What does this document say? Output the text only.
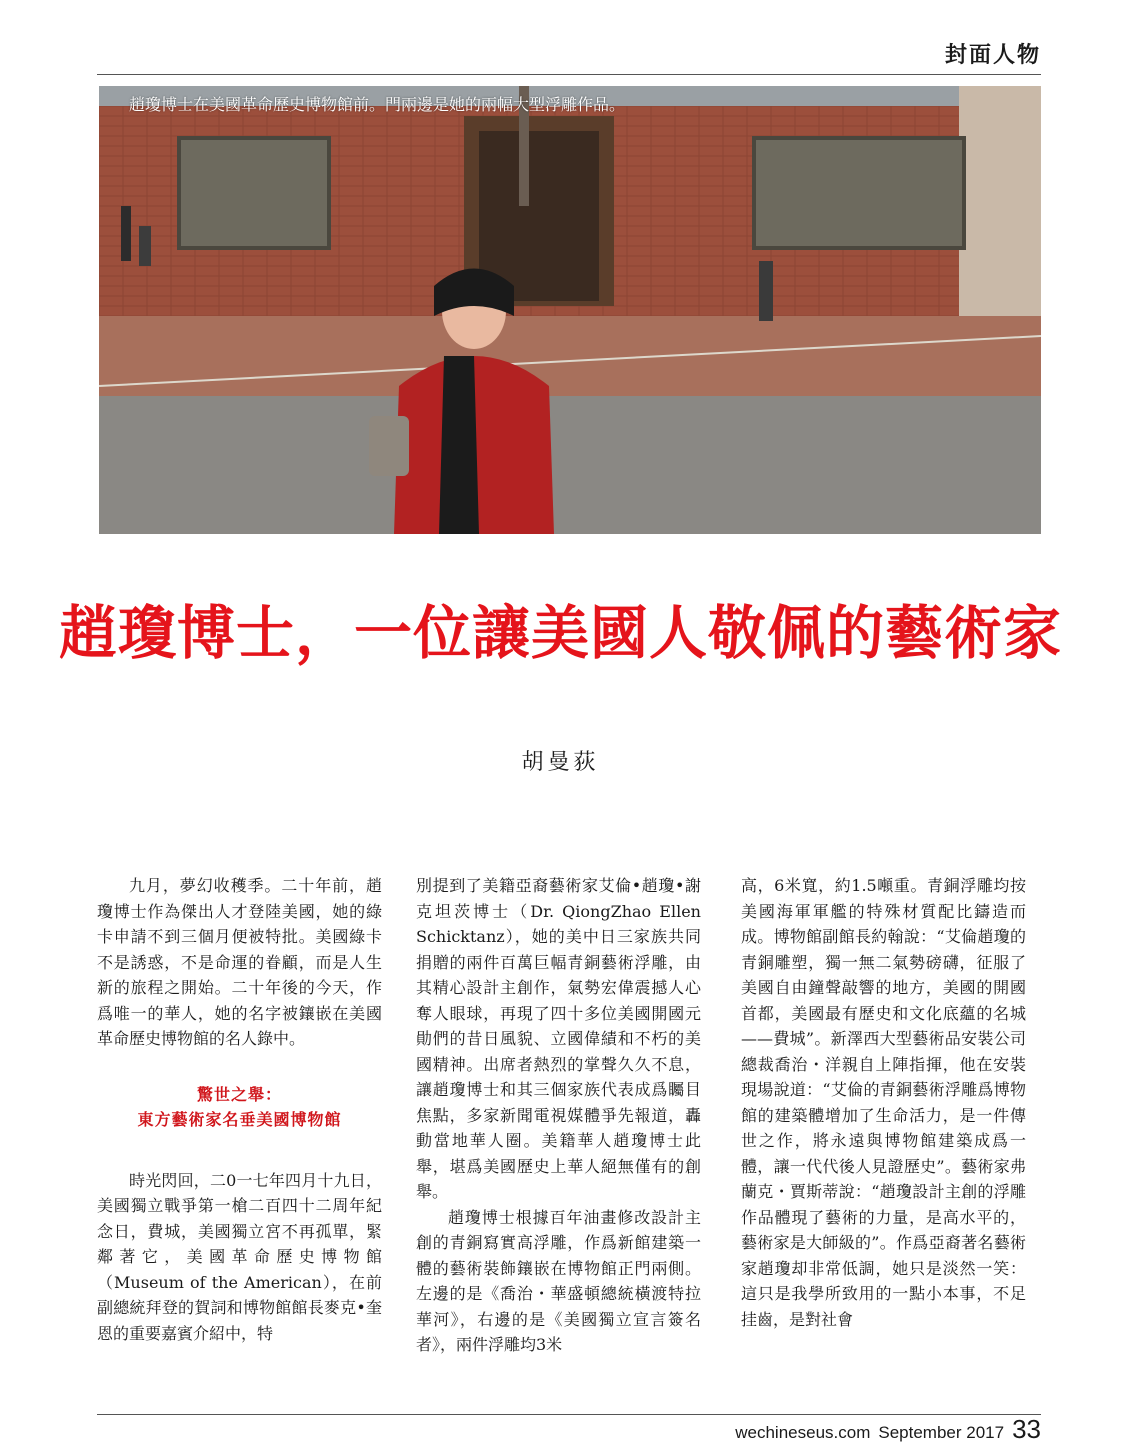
封面人物
趙瓊博士在美國革命歷史博物館前。門兩邊是她的兩幅大型浮雕作品。
趙瓊博士，一位讓美國人敬佩的藝術家
胡曼荻

九月，夢幻收穫季。二十年前，趙瓊博士作為傑出人才登陸美國，她的綠卡申請不到三個月便被特批。美國綠卡不是誘惑，不是命運的眷顧，而是人生新的旅程之開始。二十年後的今天，作爲唯一的華人，她的名字被鑲嵌在美國革命歷史博物館的名人錄中。

驚世之舉：
東方藝術家名垂美國博物館

時光閃回，二0一七年四月十九日，美國獨立戰爭第一槍二百四十二周年紀念日，費城，美國獨立宮不再孤單，緊鄰著它，美國革命歷史博物館（Museum of the American），在前副總統拜登的賀詞和博物館館長麥克•奎恩的重要嘉賓介紹中，特

別提到了美籍亞裔藝術家艾倫•趙瓊•謝克坦茨博士（Dr. QiongZhao Ellen Schicktanz），她的美中日三家族共同捐贈的兩件百萬巨幅青銅藝術浮雕，由其精心設計主創作，氣勢宏偉震撼人心奪人眼球，再現了四十多位美國開國元勛們的昔日風貌、立國偉績和不朽的美國精神。出席者熱烈的掌聲久久不息，讓趙瓊博士和其三個家族代表成爲矚目焦點，多家新聞電視媒體爭先報道，轟動當地華人圈。美籍華人趙瓊博士此舉，堪爲美國歷史上華人絕無僅有的創舉。

趙瓊博士根據百年油畫修改設計主創的青銅寫實高浮雕，作爲新館建築一體的藝術裝飾鑲嵌在博物館正門兩側。左邊的是《喬治・華盛頓總統橫渡特拉華河》，右邊的是《美國獨立宣言簽名者》，兩件浮雕均3米

高，6米寬，約1.5噸重。青銅浮雕均按美國海軍軍艦的特殊材質配比鑄造而成。博物館副館長約翰說：“艾倫趙瓊的青銅雕塑，獨一無二氣勢磅礴，征服了美國自由鐘聲敲響的地方，美國的開國首都，美國最有歷史和文化底蘊的名城——費城”。新澤西大型藝術品安裝公司總裁喬治・洋親自上陣指揮，他在安裝現場說道：“艾倫的青銅藝術浮雕爲博物館的建築體增加了生命活力，是一件傳世之作，將永遠與博物館建築成爲一體，讓一代代後人見證歷史”。藝術家弗蘭克・賈斯蒂說：“趙瓊設計主創的浮雕作品體現了藝術的力量，是高水平的，藝術家是大師級的”。作爲亞裔著名藝術家趙瓊却非常低調，她只是淡然一笑：這只是我學所致用的一點小本事，不足挂齒，是對社會

wechineseus.com September 2017 33
